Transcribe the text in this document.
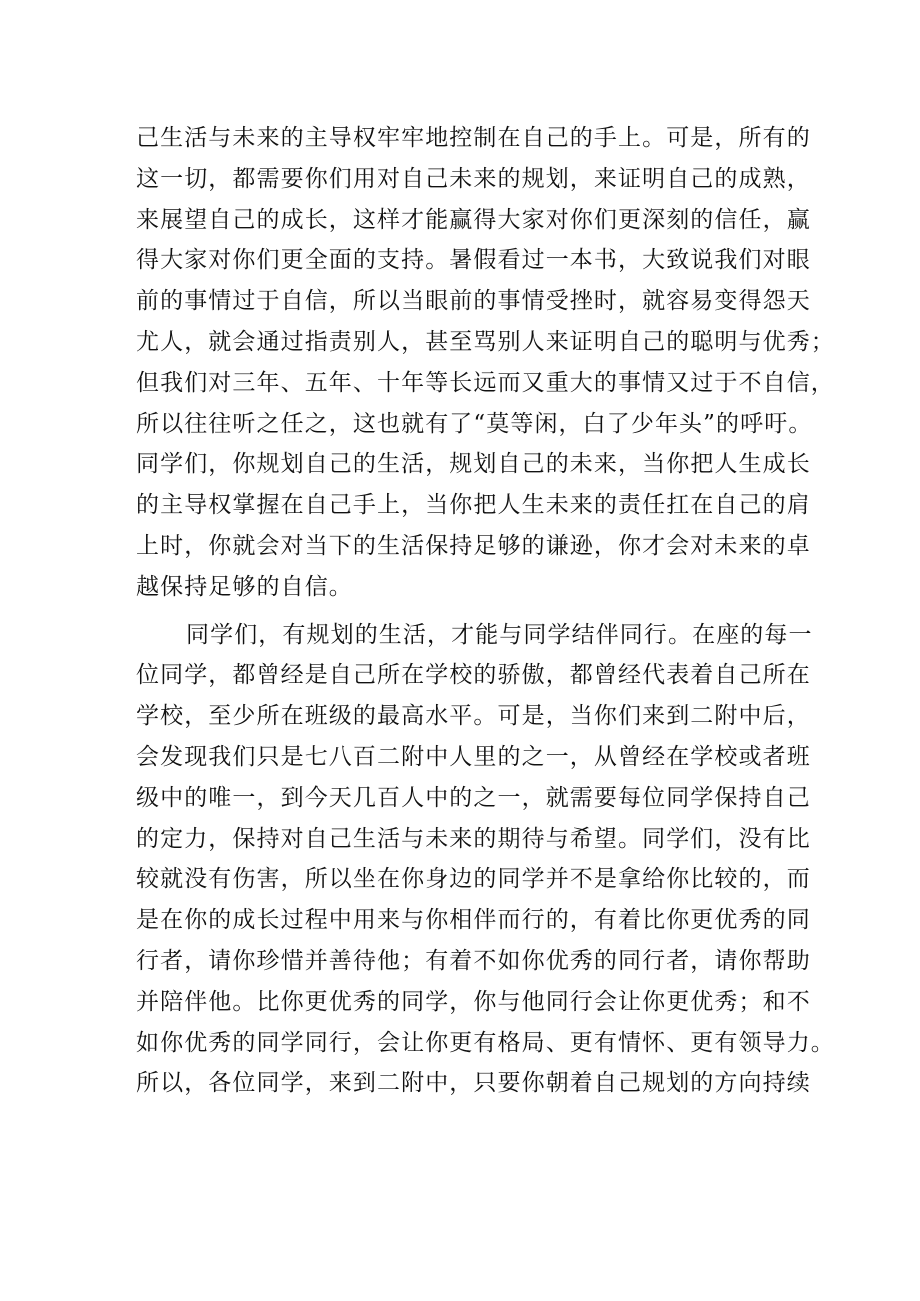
己生活与未来的主导权牢牢地控制在自己的手上。可是，所有的
这一切，都需要你们用对自己未来的规划，来证明自己的成熟，
来展望自己的成长，这样才能赢得大家对你们更深刻的信任，赢
得大家对你们更全面的支持。暑假看过一本书，大致说我们对眼
前的事情过于自信，所以当眼前的事情受挫时，就容易变得怨天
尤人，就会通过指责别人，甚至骂别人来证明自己的聪明与优秀；
但我们对三年、五年、十年等长远而又重大的事情又过于不自信，
所以往往听之任之，这也就有了“莫等闲，白了少年头”的呼吁。
同学们，你规划自己的生活，规划自己的未来，当你把人生成长
的主导权掌握在自己手上，当你把人生未来的责任扛在自己的肩
上时，你就会对当下的生活保持足够的谦逊，你才会对未来的卓
越保持足够的自信。
同学们，有规划的生活，才能与同学结伴同行。在座的每一
位同学，都曾经是自己所在学校的骄傲，都曾经代表着自己所在
学校，至少所在班级的最高水平。可是，当你们来到二附中后，
会发现我们只是七八百二附中人里的之一，从曾经在学校或者班
级中的唯一，到今天几百人中的之一，就需要每位同学保持自己
的定力，保持对自己生活与未来的期待与希望。同学们，没有比
较就没有伤害，所以坐在你身边的同学并不是拿给你比较的，而
是在你的成长过程中用来与你相伴而行的，有着比你更优秀的同
行者，请你珍惜并善待他；有着不如你优秀的同行者，请你帮助
并陪伴他。比你更优秀的同学，你与他同行会让你更优秀；和不
如你优秀的同学同行，会让你更有格局、更有情怀、更有领导力。
所以，各位同学，来到二附中，只要你朝着自己规划的方向持续
